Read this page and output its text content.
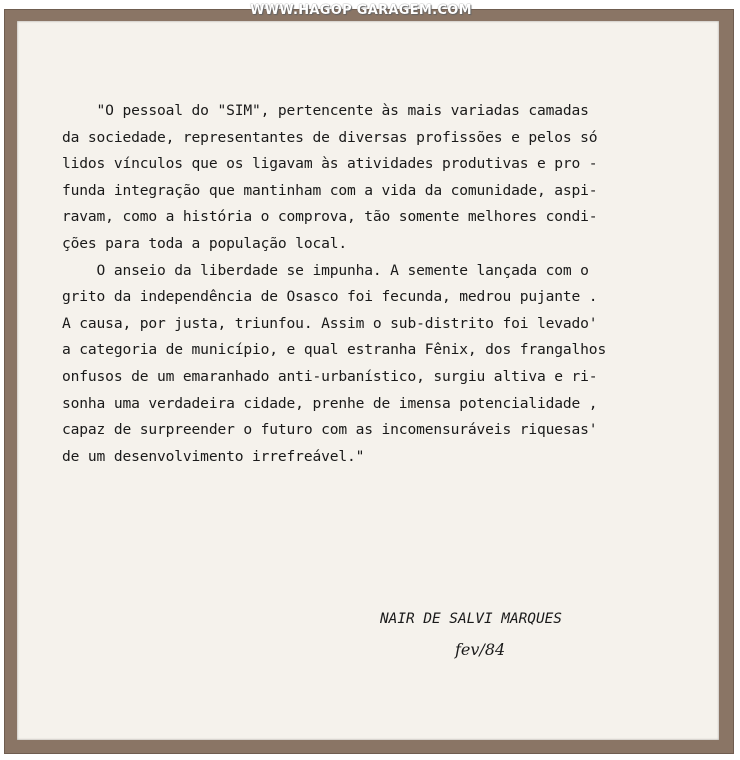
WWW.HAGOP GARAGEM.COM
"O pessoal do "SIM", pertencente às mais variadas camadas
da sociedade, representantes de diversas profissões e pelos só
lidos vínculos que os ligavam às atividades produtivas e pro -
funda integração que mantinham com a vida da comunidade, aspi-
ravam, como a história o comprova, tão somente melhores condi-
ções para toda a população local.
O anseio da liberdade se impunha. A semente lançada com o
grito da independência de Osasco foi fecunda, medrou pujante .
A causa, por justa, triunfou. Assim o sub-distrito foi levado'
a categoria de município, e qual estranha Fênix, dos frangalhos
onfusos de um emaranhado anti-urbanístico, surgiu altiva e ri-
sonha uma verdadeira cidade, prenhe de imensa potencialidade ,
capaz de surpreender o futuro com as incomensuráveis riquesas'
de um desenvolvimento irrefreável."
NAIR DE SALVI MARQUES
fev/84
